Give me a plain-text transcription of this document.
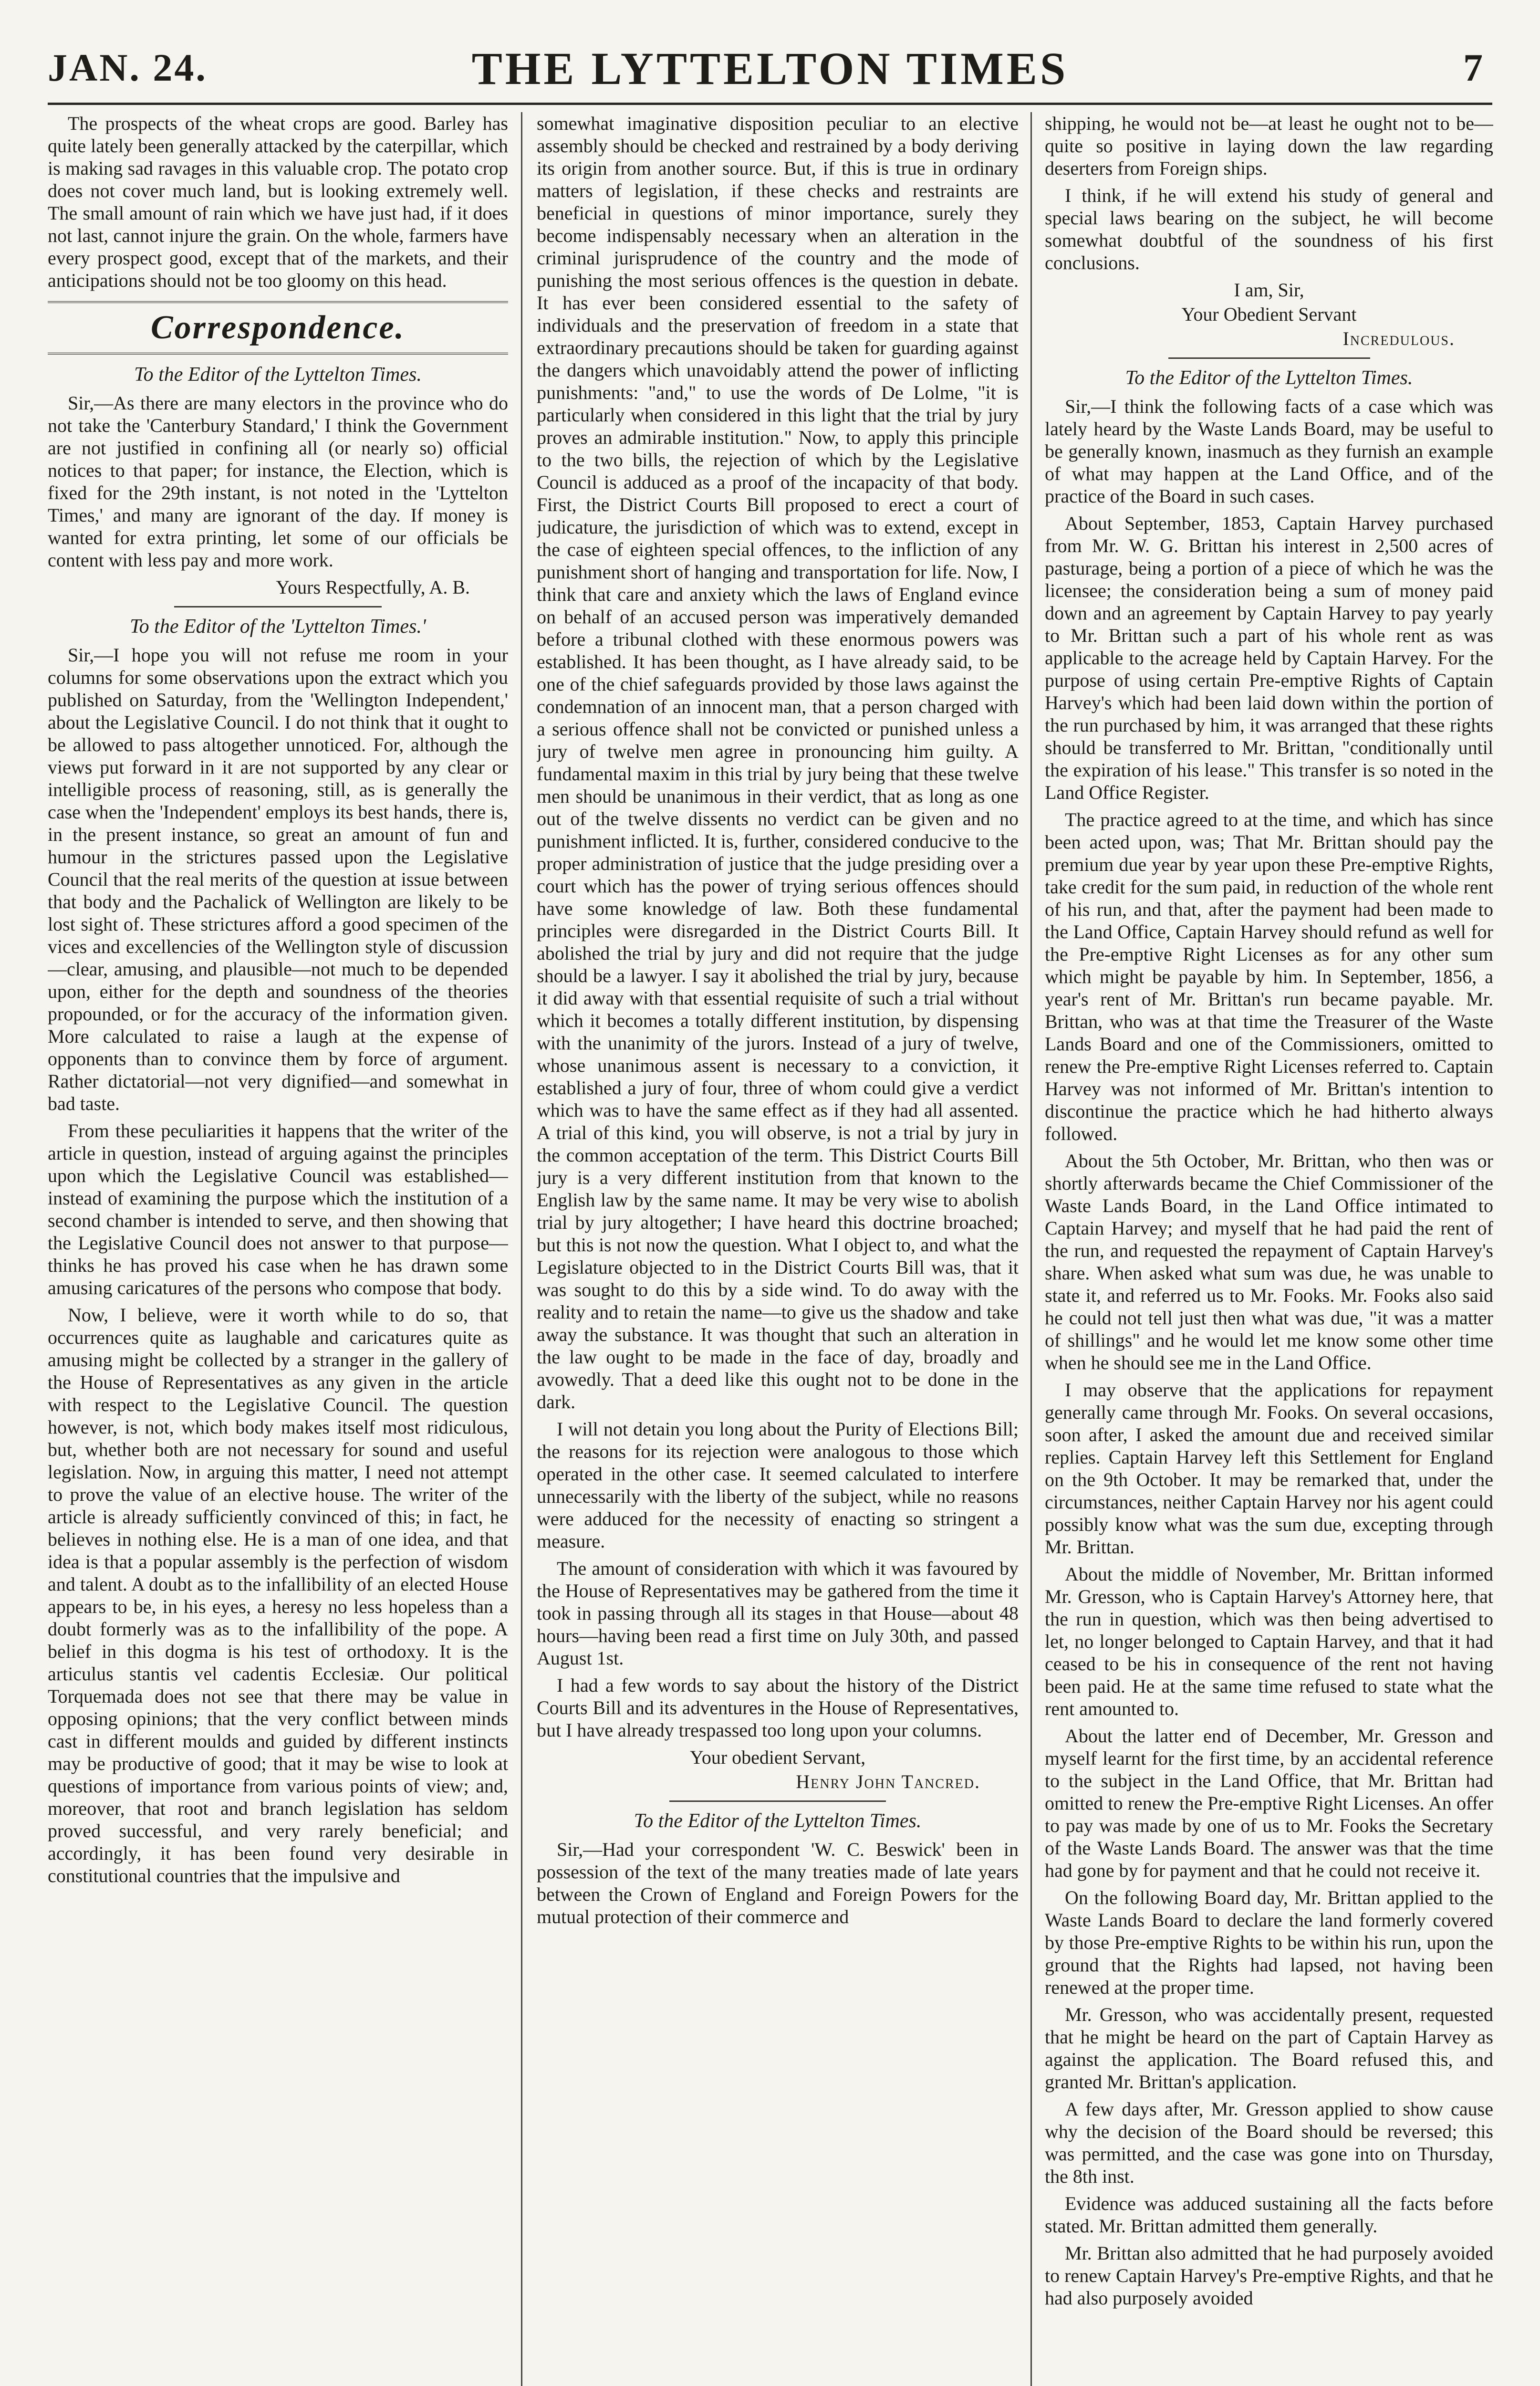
JAN. 24.	THE LYTTELTON TIMES	7

The prospects of the wheat crops are good. Barley has quite lately been generally attacked by the caterpillar, which is making sad ravages in this valuable crop. The potato crop does not cover much land, but is looking extremely well. The small amount of rain which we have just had, if it does not last, cannot injure the grain. On the whole, farmers have every prospect good, except that of the markets, and their anticipations should not be too gloomy on this head.

Correspondence.
To the Editor of the Lyttelton Times.

Sir,—As there are many electors in the province who do not take the 'Canterbury Standard,' I think the Government are not justified in confining all (or nearly so) official notices to that paper; for instance, the Election, which is fixed for the 29th instant, is not noted in the 'Lyttelton Times,' and many are ignorant of the day. If money is wanted for extra printing, let some of our officials be content with less pay and more work.

Yours Respectfully, A. B.
To the Editor of the 'Lyttelton Times.'

Sir,—I hope you will not refuse me room in your columns for some observations upon the extract which you published on Saturday, from the 'Wellington Independent,' about the Legislative Council. I do not think that it ought to be allowed to pass altogether unnoticed. For, although the views put forward in it are not supported by any clear or intelligible process of reasoning, still, as is generally the case when the 'Independent' employs its best hands, there is, in the present instance, so great an amount of fun and humour in the strictures passed upon the Legislative Council that the real merits of the question at issue between that body and the Pachalick of Wellington are likely to be lost sight of. These strictures afford a good specimen of the vices and excellencies of the Wellington style of discussion—clear, amusing, and plausible—not much to be depended upon, either for the depth and soundness of the theories propounded, or for the accuracy of the information given. More calculated to raise a laugh at the expense of opponents than to convince them by force of argument. Rather dictatorial—not very dignified—and somewhat in bad taste.

From these peculiarities it happens that the writer of the article in question, instead of arguing against the principles upon which the Legislative Council was established—instead of examining the purpose which the institution of a second chamber is intended to serve, and then showing that the Legislative Council does not answer to that purpose—thinks he has proved his case when he has drawn some amusing caricatures of the persons who compose that body.

Now, I believe, were it worth while to do so, that occurrences quite as laughable and caricatures quite as amusing might be collected by a stranger in the gallery of the House of Representatives as any given in the article with respect to the Legislative Council. The question however, is not, which body makes itself most ridiculous, but, whether both are not necessary for sound and useful legislation. Now, in arguing this matter, I need not attempt to prove the value of an elective house. The writer of the article is already sufficiently convinced of this; in fact, he believes in nothing else. He is a man of one idea, and that idea is that a popular assembly is the perfection of wisdom and talent. A doubt as to the infallibility of an elected House appears to be, in his eyes, a heresy no less hopeless than a doubt formerly was as to the infallibility of the pope. A belief in this dogma is his test of orthodoxy. It is the articulus stantis vel cadentis Ecclesiæ. Our political Torquemada does not see that there may be value in opposing opinions; that the very conflict between minds cast in different moulds and guided by different instincts may be productive of good; that it may be wise to look at questions of importance from various points of view; and, moreover, that root and branch legislation has seldom proved successful, and very rarely beneficial; and accordingly, it has been found very desirable in constitutional countries that the impulsive and

somewhat imaginative disposition peculiar to an elective assembly should be checked and restrained by a body deriving its origin from another source. But, if this is true in ordinary matters of legislation, if these checks and restraints are beneficial in questions of minor importance, surely they become indispensably necessary when an alteration in the criminal jurisprudence of the country and the mode of punishing the most serious offences is the question in debate. It has ever been considered essential to the safety of individuals and the preservation of freedom in a state that extraordinary precautions should be taken for guarding against the dangers which unavoidably attend the power of inflicting punishments: "and," to use the words of De Lolme, "it is particularly when considered in this light that the trial by jury proves an admirable institution." Now, to apply this principle to the two bills, the rejection of which by the Legislative Council is adduced as a proof of the incapacity of that body. First, the District Courts Bill proposed to erect a court of judicature, the jurisdiction of which was to extend, except in the case of eighteen special offences, to the infliction of any punishment short of hanging and transportation for life. Now, I think that care and anxiety which the laws of England evince on behalf of an accused person was imperatively demanded before a tribunal clothed with these enormous powers was established. It has been thought, as I have already said, to be one of the chief safeguards provided by those laws against the condemnation of an innocent man, that a person charged with a serious offence shall not be convicted or punished unless a jury of twelve men agree in pronouncing him guilty. A fundamental maxim in this trial by jury being that these twelve men should be unanimous in their verdict, that as long as one out of the twelve dissents no verdict can be given and no punishment inflicted. It is, further, considered conducive to the proper administration of justice that the judge presiding over a court which has the power of trying serious offences should have some knowledge of law. Both these fundamental principles were disregarded in the District Courts Bill. It abolished the trial by jury and did not require that the judge should be a lawyer. I say it abolished the trial by jury, because it did away with that essential requisite of such a trial without which it becomes a totally different institution, by dispensing with the unanimity of the jurors. Instead of a jury of twelve, whose unanimous assent is necessary to a conviction, it established a jury of four, three of whom could give a verdict which was to have the same effect as if they had all assented. A trial of this kind, you will observe, is not a trial by jury in the common acceptation of the term. This District Courts Bill jury is a very different institution from that known to the English law by the same name. It may be very wise to abolish trial by jury altogether; I have heard this doctrine broached; but this is not now the question. What I object to, and what the Legislature objected to in the District Courts Bill was, that it was sought to do this by a side wind. To do away with the reality and to retain the name—to give us the shadow and take away the substance. It was thought that such an alteration in the law ought to be made in the face of day, broadly and avowedly. That a deed like this ought not to be done in the dark.

I will not detain you long about the Purity of Elections Bill; the reasons for its rejection were analogous to those which operated in the other case. It seemed calculated to interfere unnecessarily with the liberty of the subject, while no reasons were adduced for the necessity of enacting so stringent a measure.

The amount of consideration with which it was favoured by the House of Representatives may be gathered from the time it took in passing through all its stages in that House—about 48 hours—having been read a first time on July 30th, and passed August 1st.

I had a few words to say about the history of the District Courts Bill and its adventures in the House of Representatives, but I have already trespassed too long upon your columns.

Your obedient Servant,
Henry John Tancred.
To the Editor of the Lyttelton Times.

Sir,—Had your correspondent 'W. C. Beswick' been in possession of the text of the many treaties made of late years between the Crown of England and Foreign Powers for the mutual protection of their commerce and

shipping, he would not be—at least he ought not to be—quite so positive in laying down the law regarding deserters from Foreign ships.

I think, if he will extend his study of general and special laws bearing on the subject, he will become somewhat doubtful of the soundness of his first conclusions.

I am, Sir,
Your Obedient Servant
Incredulous.
To the Editor of the Lyttelton Times.

Sir,—I think the following facts of a case which was lately heard by the Waste Lands Board, may be useful to be generally known, inasmuch as they furnish an example of what may happen at the Land Office, and of the practice of the Board in such cases.

About September, 1853, Captain Harvey purchased from Mr. W. G. Brittan his interest in 2,500 acres of pasturage, being a portion of a piece of which he was the licensee; the consideration being a sum of money paid down and an agreement by Captain Harvey to pay yearly to Mr. Brittan such a part of his whole rent as was applicable to the acreage held by Captain Harvey. For the purpose of using certain Pre-emptive Rights of Captain Harvey's which had been laid down within the portion of the run purchased by him, it was arranged that these rights should be transferred to Mr. Brittan, "conditionally until the expiration of his lease." This transfer is so noted in the Land Office Register.

The practice agreed to at the time, and which has since been acted upon, was; That Mr. Brittan should pay the premium due year by year upon these Pre-emptive Rights, take credit for the sum paid, in reduction of the whole rent of his run, and that, after the payment had been made to the Land Office, Captain Harvey should refund as well for the Pre-emptive Right Licenses as for any other sum which might be payable by him. In September, 1856, a year's rent of Mr. Brittan's run became payable. Mr. Brittan, who was at that time the Treasurer of the Waste Lands Board and one of the Commissioners, omitted to renew the Pre-emptive Right Licenses referred to. Captain Harvey was not informed of Mr. Brittan's intention to discontinue the practice which he had hitherto always followed.

About the 5th October, Mr. Brittan, who then was or shortly afterwards became the Chief Commissioner of the Waste Lands Board, in the Land Office intimated to Captain Harvey; and myself that he had paid the rent of the run, and requested the repayment of Captain Harvey's share. When asked what sum was due, he was unable to state it, and referred us to Mr. Fooks. Mr. Fooks also said he could not tell just then what was due, "it was a matter of shillings" and he would let me know some other time when he should see me in the Land Office.

I may observe that the applications for repayment generally came through Mr. Fooks. On several occasions, soon after, I asked the amount due and received similar replies. Captain Harvey left this Settlement for England on the 9th October. It may be remarked that, under the circumstances, neither Captain Harvey nor his agent could possibly know what was the sum due, excepting through Mr. Brittan.

About the middle of November, Mr. Brittan informed Mr. Gresson, who is Captain Harvey's Attorney here, that the run in question, which was then being advertised to let, no longer belonged to Captain Harvey, and that it had ceased to be his in consequence of the rent not having been paid. He at the same time refused to state what the rent amounted to.

About the latter end of December, Mr. Gresson and myself learnt for the first time, by an accidental reference to the subject in the Land Office, that Mr. Brittan had omitted to renew the Pre-emptive Right Licenses. An offer to pay was made by one of us to Mr. Fooks the Secretary of the Waste Lands Board. The answer was that the time had gone by for payment and that he could not receive it.

On the following Board day, Mr. Brittan applied to the Waste Lands Board to declare the land formerly covered by those Pre-emptive Rights to be within his run, upon the ground that the Rights had lapsed, not having been renewed at the proper time.

Mr. Gresson, who was accidentally present, requested that he might be heard on the part of Captain Harvey as against the application. The Board refused this, and granted Mr. Brittan's application.

A few days after, Mr. Gresson applied to show cause why the decision of the Board should be reversed; this was permitted, and the case was gone into on Thursday, the 8th inst.

Evidence was adduced sustaining all the facts before stated. Mr. Brittan admitted them generally.

Mr. Brittan also admitted that he had purposely avoided to renew Captain Harvey's Pre-emptive Rights, and that he had also purposely avoided
